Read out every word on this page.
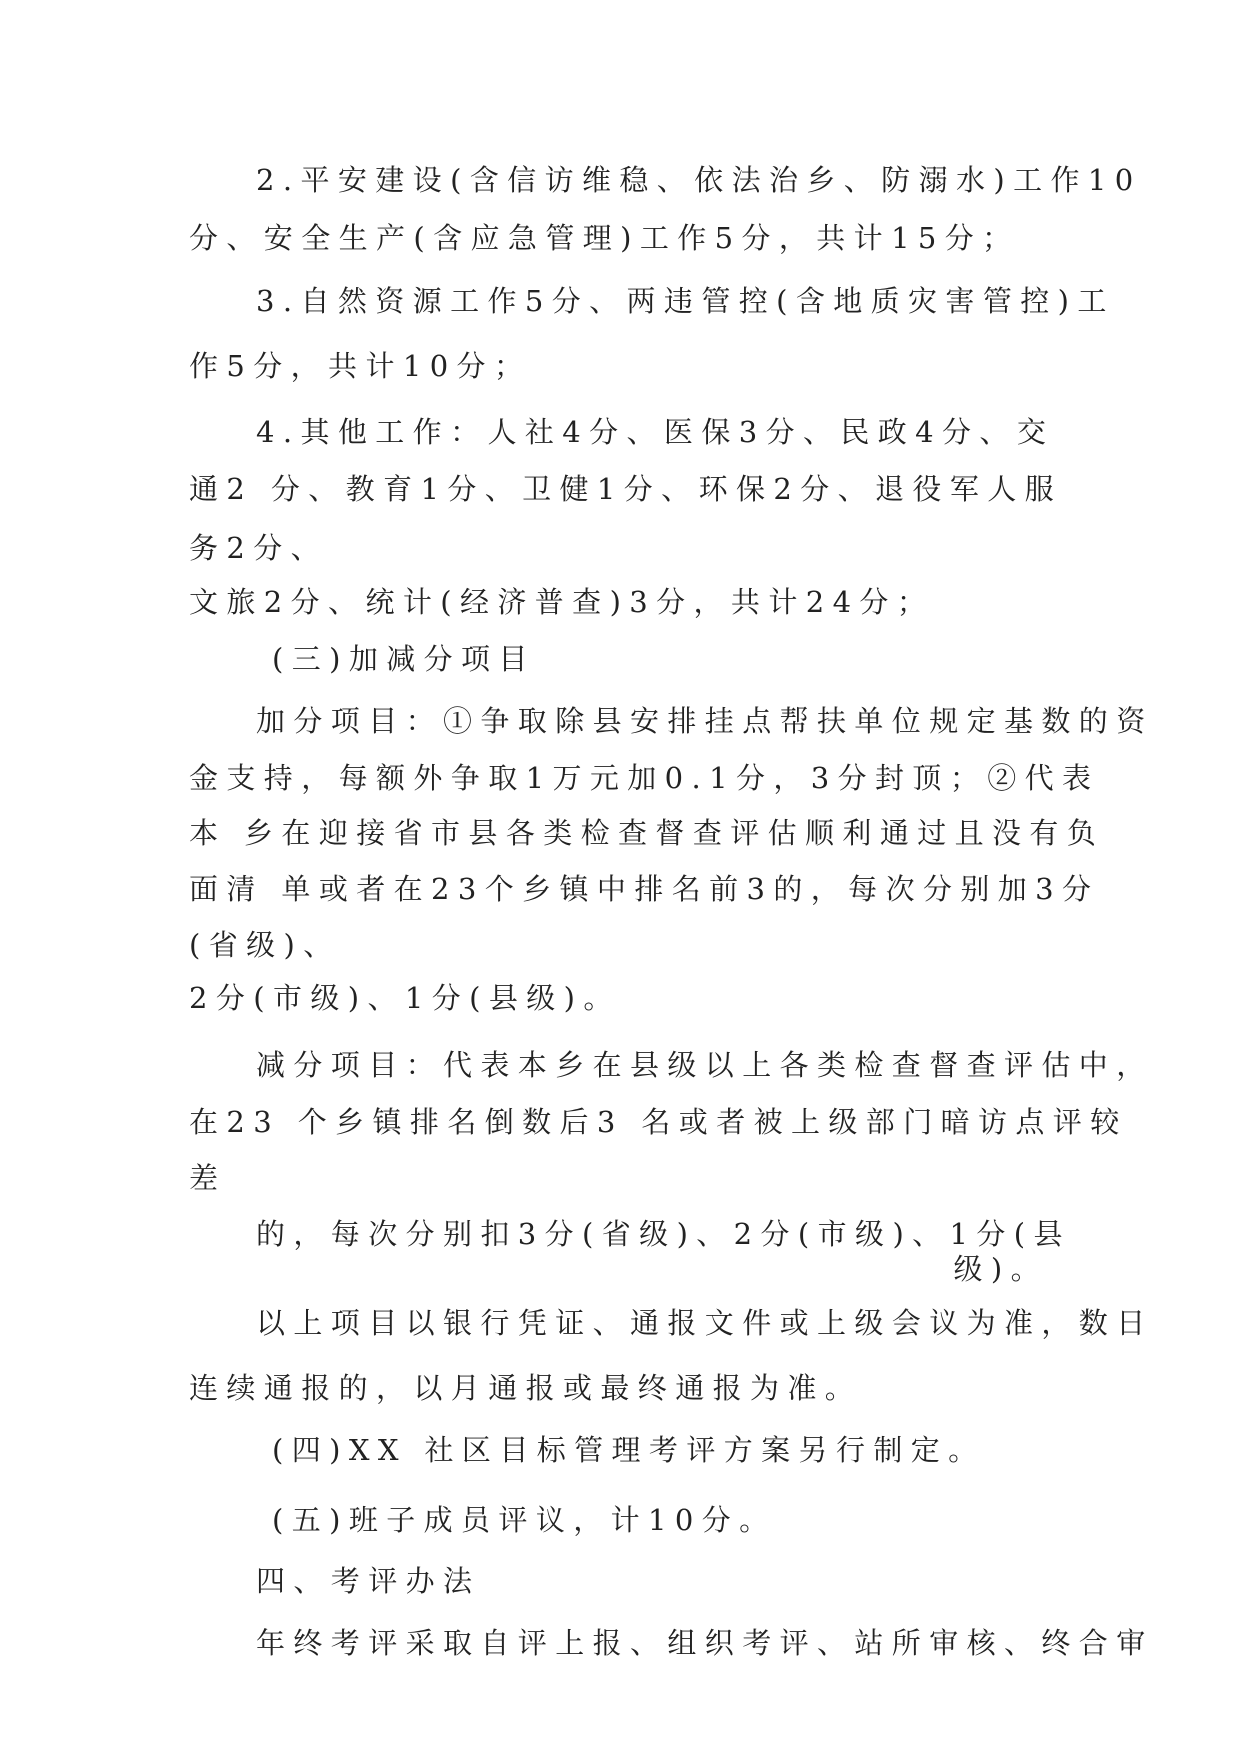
2.平安建设(含信访维稳、依法治乡、防溺水)工作10

分、安全生产(含应急管理)工作5分，共计15分；

3.自然资源工作5分、两违管控(含地质灾害管控)工

作5分，共计10分；

4.其他工作：人社4分、医保3分、民政4分、交

通2 分、教育1分、卫健1分、环保2分、退役军人服

务2分、

文旅2分、统计(经济普查)3分，共计24分；

(三)加减分项目

加分项目：①争取除县安排挂点帮扶单位规定基数的资

金支持，每额外争取1万元加0.1分，3分封顶；②代表

本 乡在迎接省市县各类检查督查评估顺利通过且没有负

面清 单或者在23个乡镇中排名前3的，每次分别加3分

(省级)、

2分(市级)、1分(县级)。

减分项目：代表本乡在县级以上各类检查督查评估中，

在23 个乡镇排名倒数后3 名或者被上级部门暗访点评较

差

的，每次分别扣3分(省级)、2分(市级)、1分(县

级)。

以上项目以银行凭证、通报文件或上级会议为准，数日

连续通报的，以月通报或最终通报为准。

(四)XX 社区目标管理考评方案另行制定。

(五)班子成员评议，计10分。

四、考评办法

年终考评采取自评上报、组织考评、站所审核、终合审
